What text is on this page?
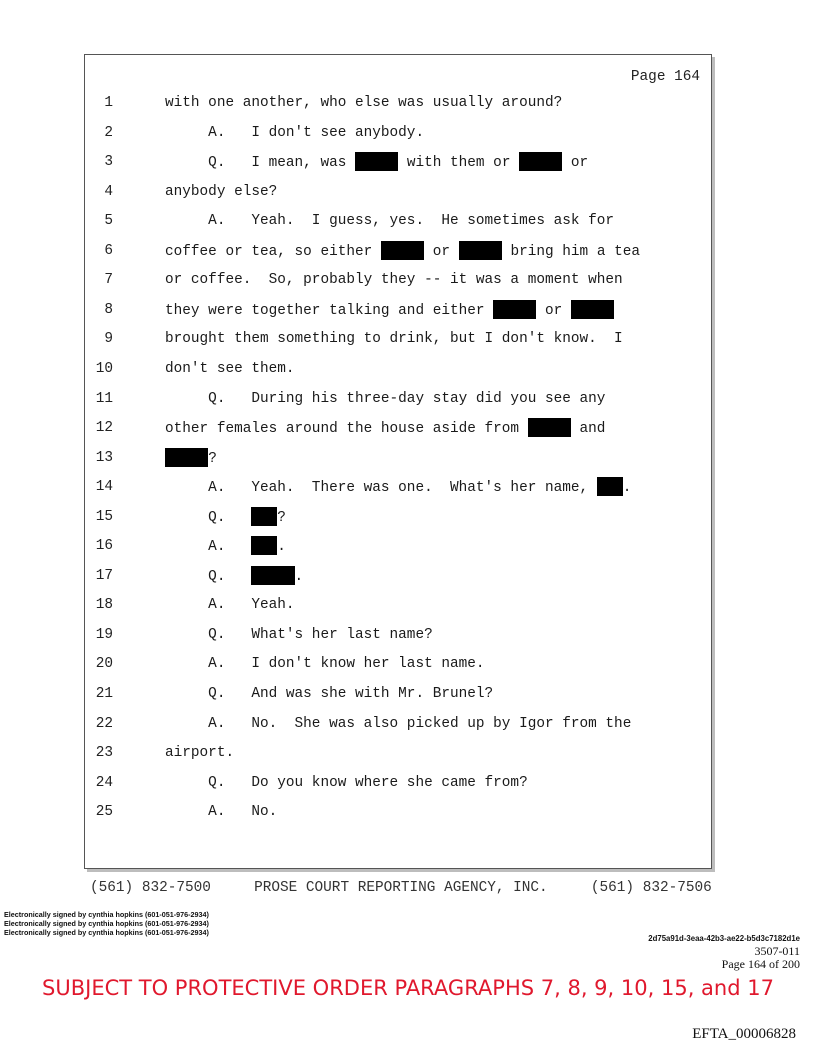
Page 164
1	with one another, who else was usually around?
2	A.   I don't see anybody.
3	Q.   I mean, was	with them or	or
4	anybody else?
5	A.   Yeah.  I guess, yes.  He sometimes ask for
6	coffee or tea, so either	or	bring him a tea
7	or coffee.  So, probably they -- it was a moment when
8	they were together talking and either	or
9	brought them something to drink, but I don't know.  I
10	don't see them.
11	Q.   During his three-day stay did you see any
12	other females around the house aside from	and
13	?
14	A.   Yeah.  There was one.  What's her name, .
15	Q.   ?
16	A.   .
17	Q.	.
18	A.   Yeah.
19	Q.   What's her last name?
20	A.   I don't know her last name.
21	Q.   And was she with Mr. Brunel?
22	A.   No.  She was also picked up by Igor from the
23	airport.
24	Q.   Do you know where she came from?
25	A.   No.
(561) 832-7500     PROSE COURT REPORTING AGENCY, INC.     (561) 832-7506
Electronically signed by cynthia hopkins (601-051-976-2934)
Electronically signed by cynthia hopkins (601-051-976-2934)
Electronically signed by cynthia hopkins (601-051-976-2934)
2d75a91d-3eaa-42b3-ae22-b5d3c7182d1e
3507-011
Page 164 of 200
SUBJECT TO PROTECTIVE ORDER PARAGRAPHS 7, 8, 9, 10, 15, and 17
EFTA_00006828
